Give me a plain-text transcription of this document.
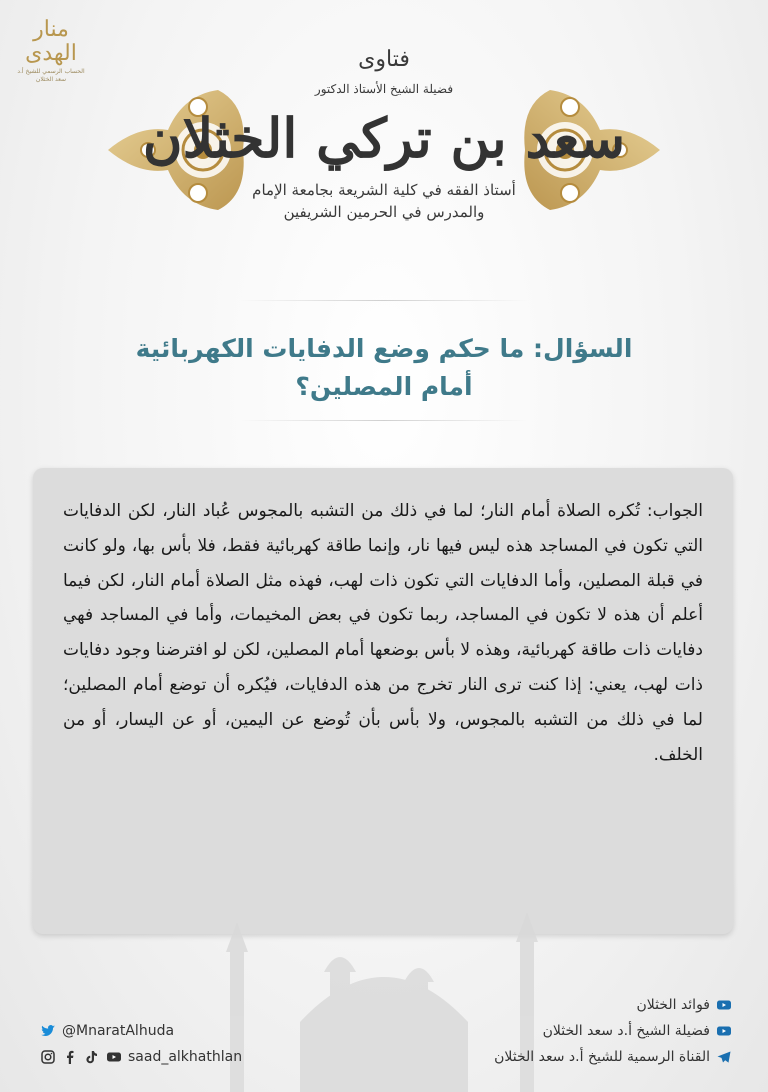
منار الهدى
الحساب الرسمي للشيخ أ.د سعد الخثلان
فتاوى
فضيلة الشيخ الأستاذ الدكتور
سعد بن تركي الخثلان
أستاذ الفقه في كلية الشريعة بجامعة الإمام
والمدرس في الحرمين الشريفين
السؤال: ما حكم وضع الدفايات الكهربائية
أمام المصلين؟
الجواب: تُكره الصلاة أمام النار؛ لما في ذلك من التشبه بالمجوس عُباد النار، لكن الدفايات التي تكون في المساجد هذه ليس فيها نار، وإنما طاقة كهربائية فقط، فلا بأس بها، ولو كانت في قبلة المصلين، وأما الدفايات التي تكون ذات لهب، فهذه مثل الصلاة أمام النار، لكن فيما أعلم أن هذه لا تكون في المساجد، ربما تكون في بعض المخيمات، وأما في المساجد فهي دفايات ذات طاقة كهربائية، وهذه لا بأس بوضعها أمام المصلين، لكن لو افترضنا وجود دفايات ذات لهب، يعني: إذا كنت ترى النار تخرج من هذه الدفايات، فيُكره أن توضع أمام المصلين؛ لما في ذلك من التشبه بالمجوس، ولا بأس بأن تُوضع عن اليمين، أو عن اليسار، أو من الخلف.
@MnaratAlhuda
saad_alkhathlan
فوائد الخثلان
فضيلة الشيخ أ.د سعد الخثلان
القناة الرسمية للشيخ أ.د سعد الخثلان
